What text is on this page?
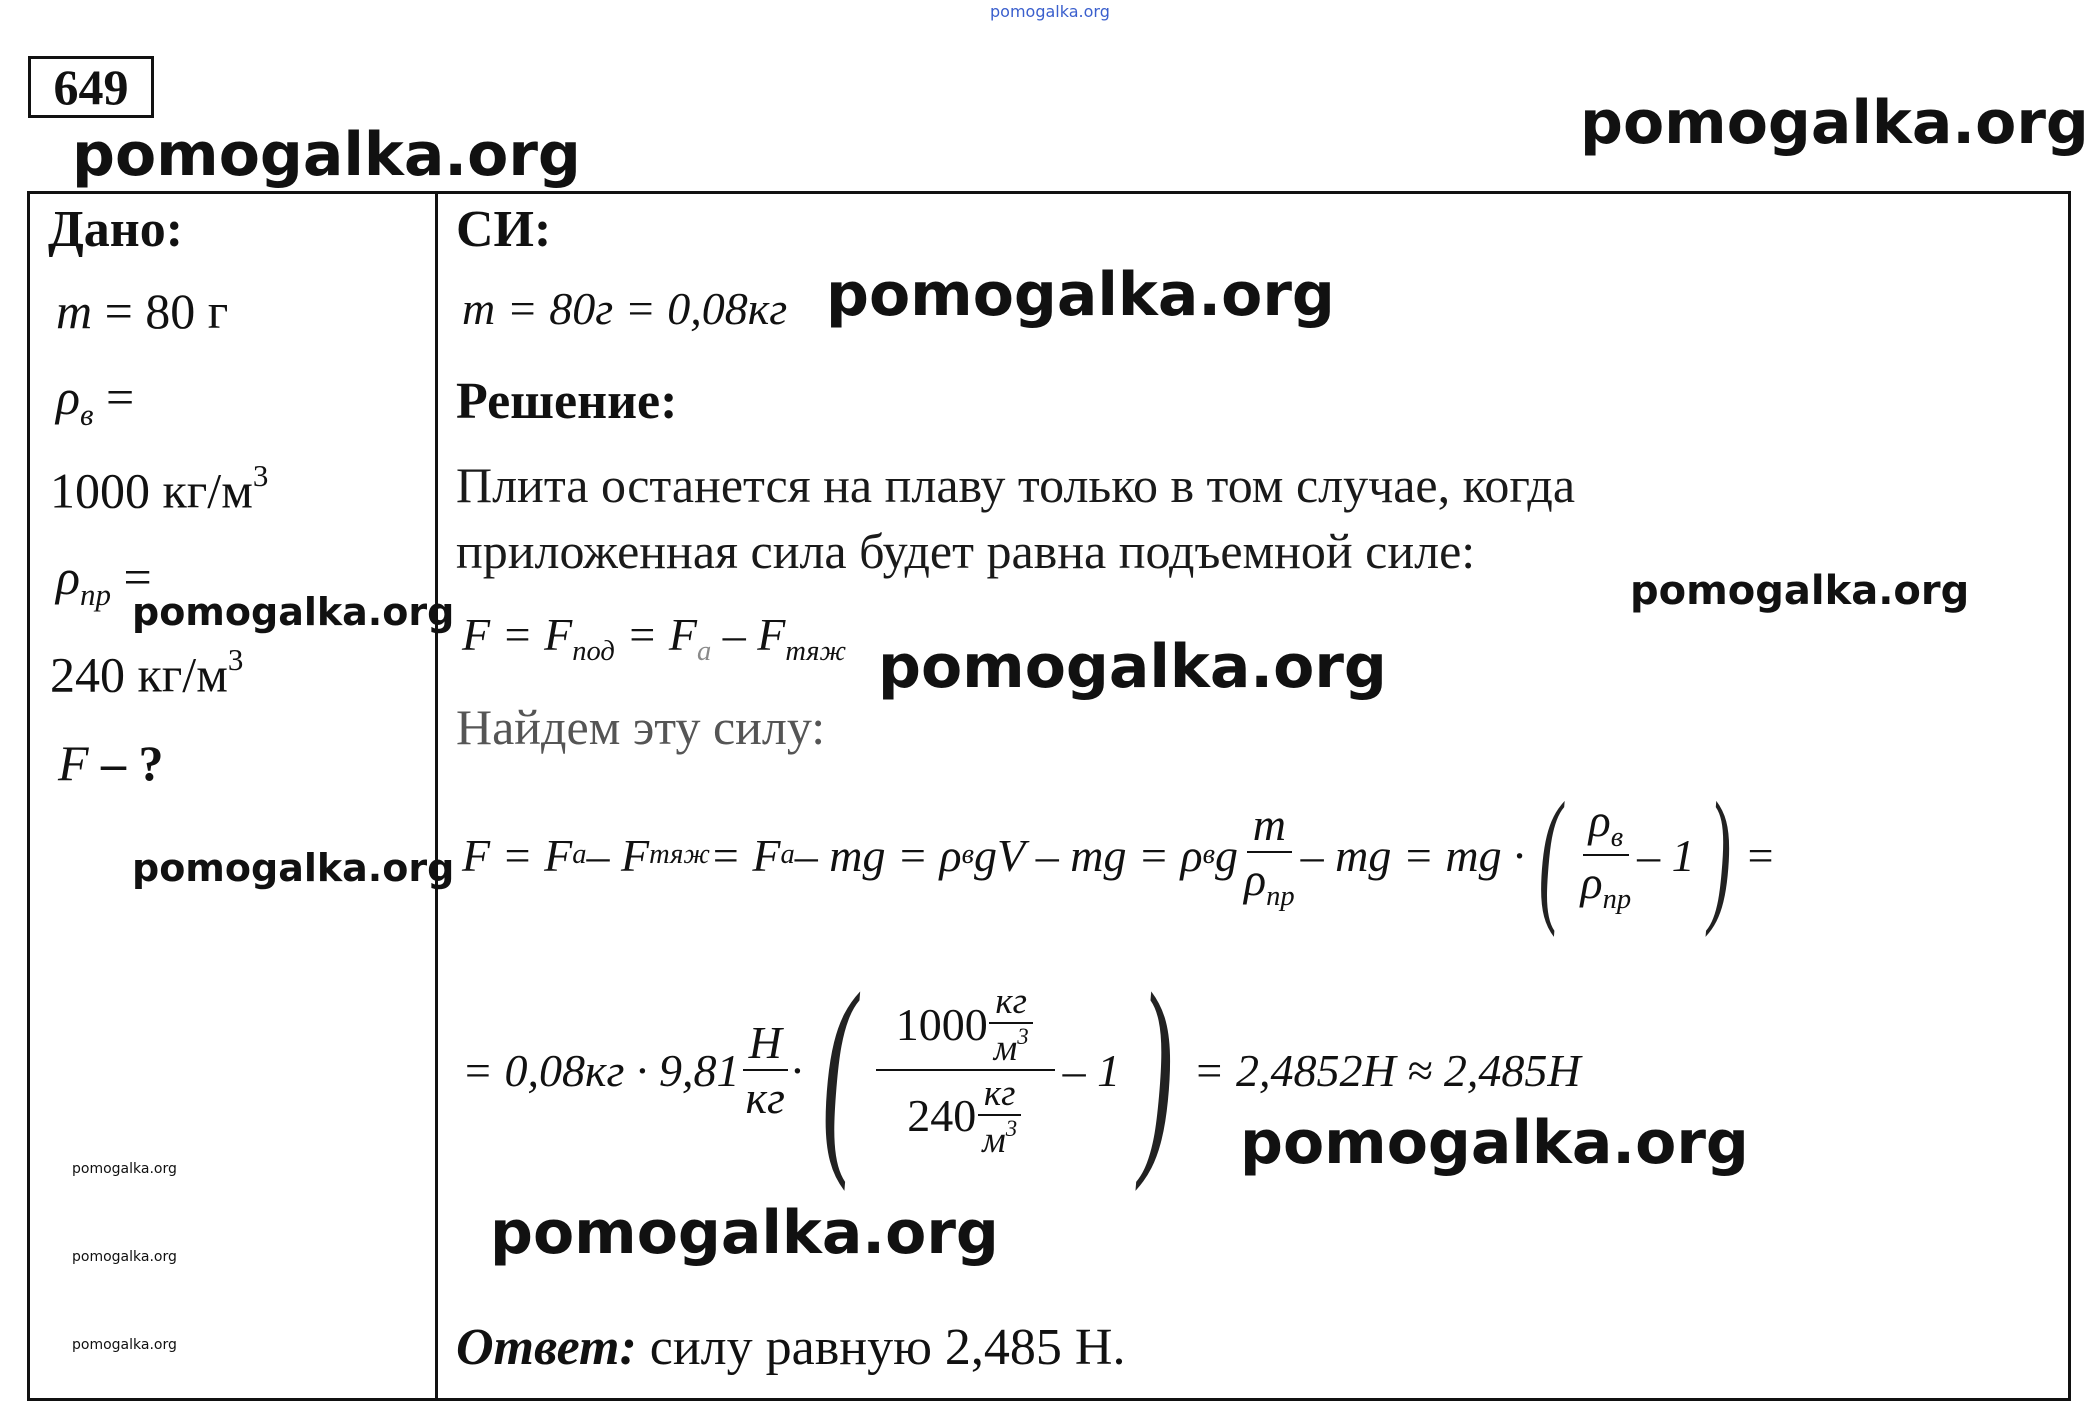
pomogalka.org
649
pomogalka.org	pomogalka.org
Дано:
m = 80 г
$\rho_в$ =
1000 $кг/м^3$
$\rho_{пр}$ =
pomogalka.org
240 $кг/м^3$
F – ?
pomogalka.org
pomogalka.org
pomogalka.org
pomogalka.org
СИ:
m = 80г = 0,08кг pomogalka.org
Решение:
Плита останется на плаву только в том случае, когда
приложенная сила будет равна подъемной силе:
pomogalka.org
$F = F_{под} = F_а - F_{тяж}$ pomogalka.org
Найдем эту силу:
F = F а – F тяж = F а – mg = ρ в gV – mg = ρ в g $\frac{m}{\rho_{пр}}$ – mg = mg · ( $\frac{\rho_в}{\rho_{пр}} - 1$ ) =
= $0,08кг \cdot 9,81 \frac{Н}{кг}$ · ( $\frac{1000 \frac{кг}{м^3}}{240 \frac{кг}{м^3}} - 1$ ) = 2,4852Н ≈ 2,485Н
pomogalka.org
pomogalka.org
Ответ: силу равную 2,485 Н.
